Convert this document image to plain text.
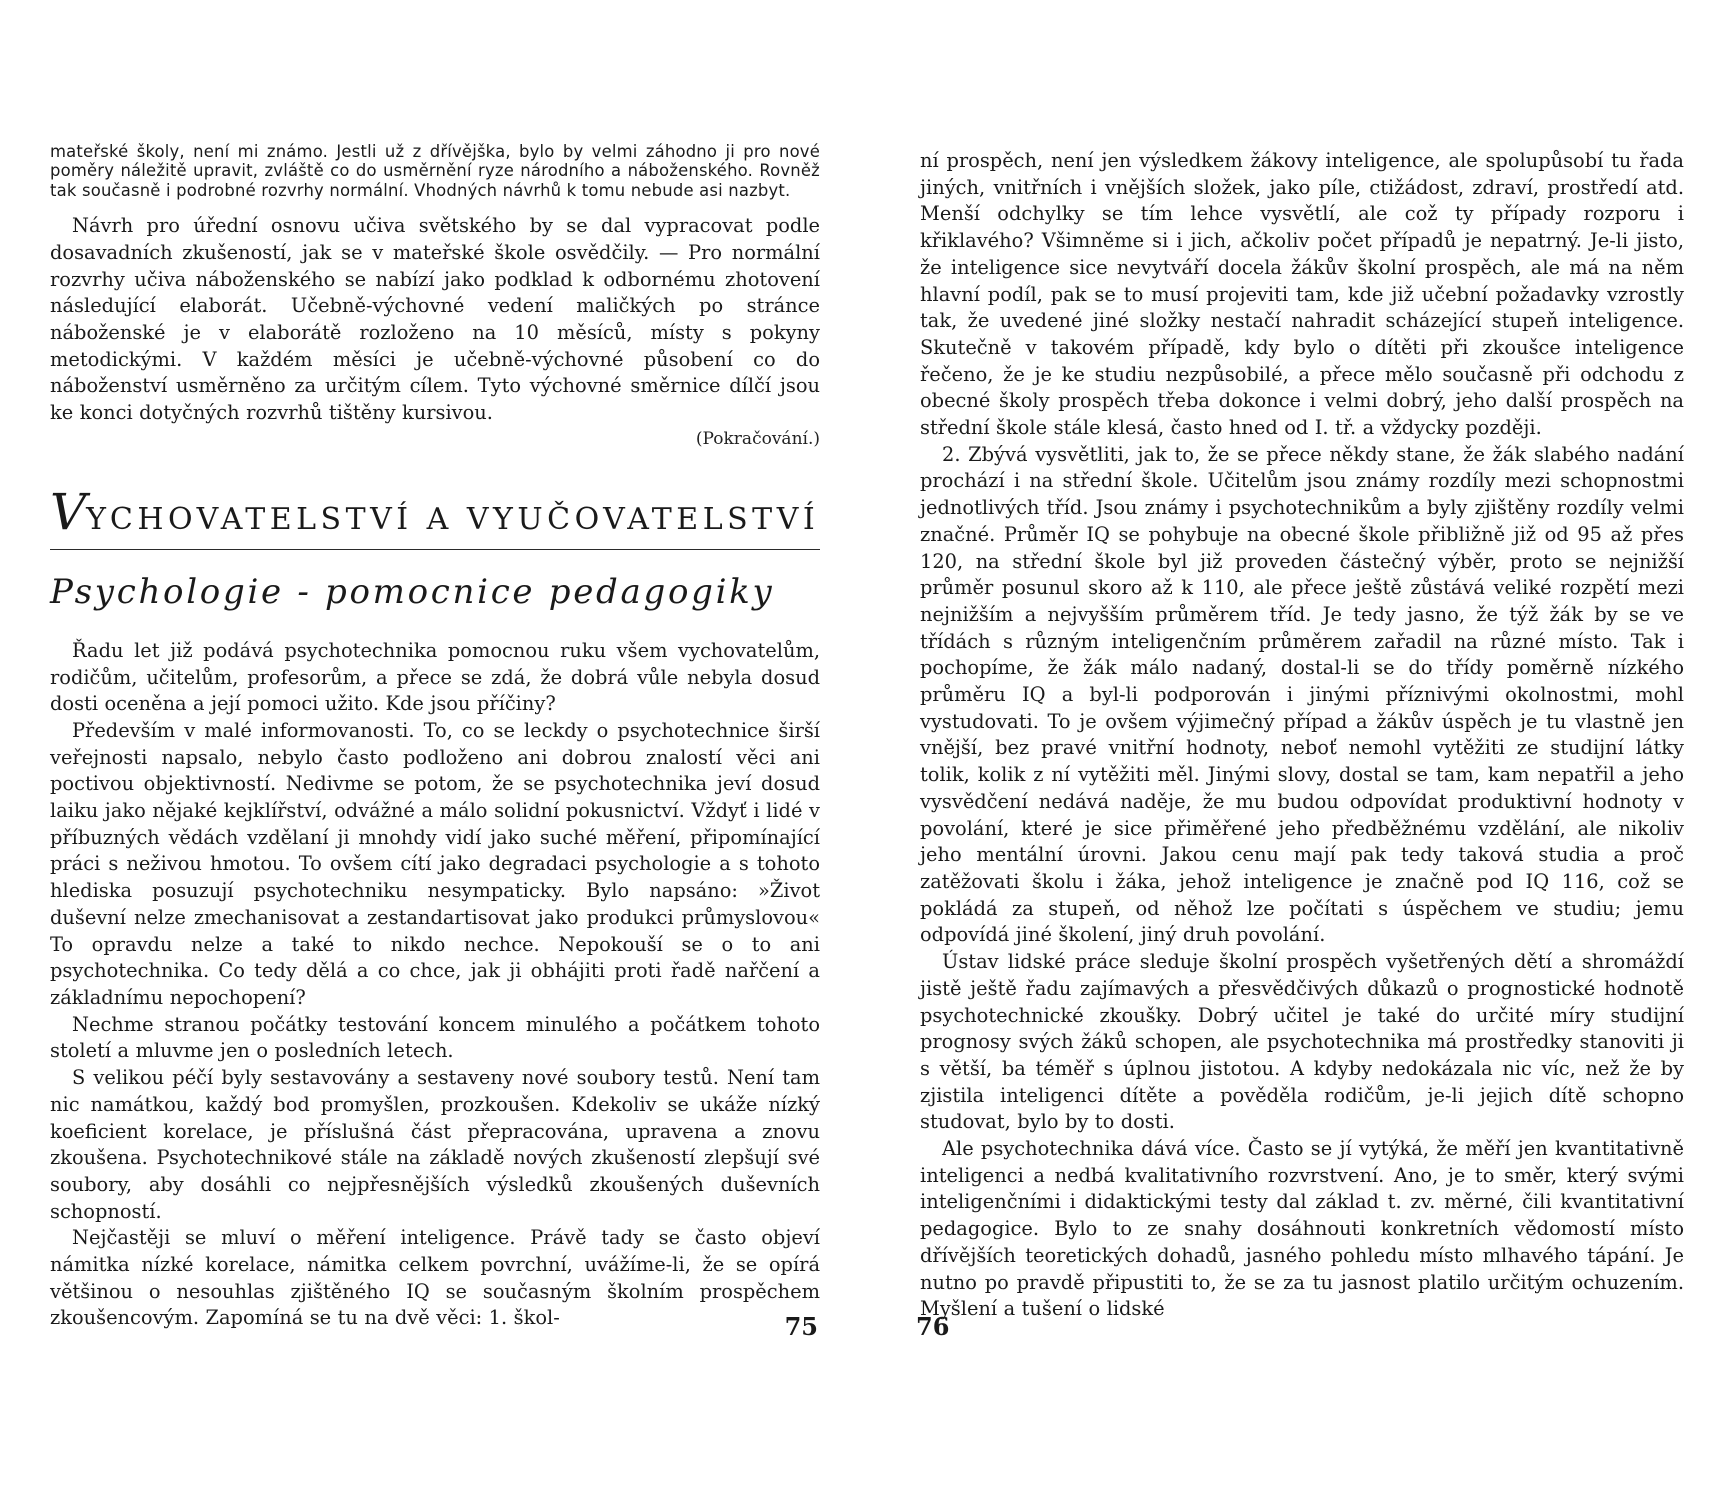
mateřské školy, není mi známo. Jestli už z dřívějška, bylo by velmi záhodno ji pro nové poměry náležitě upravit, zvláště co do usměrnění ryze národního a náboženského. Rovněž tak současně i podrobné rozvrhy normální. Vhodných návrhů k tomu nebude asi nazbyt.

Návrh pro úřední osnovu učiva světského by se dal vypracovat podle dosavadních zkušeností, jak se v mateřské škole osvědčily. — Pro normální rozvrhy učiva náboženského se nabízí jako podklad k odbornému zhotovení následující elaborát. Učebně-výchovné vedení maličkých po stránce náboženské je v elaborátě rozloženo na 10 měsíců, místy s pokyny metodickými. V každém měsíci je učebně-výchovné působení co do náboženství usměrněno za určitým cílem. Tyto výchovné směrnice dílčí jsou ke konci dotyčných rozvrhů tištěny kursivou.

(Pokračování.)
VYCHOVATELSTVÍ A VYUČOVATELSTVÍ
Psychologie - pomocnice pedagogiky

Řadu let již podává psychotechnika pomocnou ruku všem vychovatelům, rodičům, učitelům, profesorům, a přece se zdá, že dobrá vůle nebyla dosud dosti oceněna a její pomoci užito. Kde jsou příčiny?

Především v malé informovanosti. To, co se leckdy o psychotechnice širší veřejnosti napsalo, nebylo často podloženo ani dobrou znalostí věci ani poctivou objektivností. Nedivme se potom, že se psychotechnika jeví dosud laiku jako nějaké kejklířství, odvážné a málo solidní pokusnictví. Vždyť i lidé v příbuzných vědách vzdělaní ji mnohdy vidí jako suché měření, připomínající práci s neživou hmotou. To ovšem cítí jako degradaci psychologie a s tohoto hlediska posuzují psychotechniku nesympaticky. Bylo napsáno: »Život duševní nelze zmechanisovat a zestandartisovat jako produkci průmyslovou« To opravdu nelze a také to nikdo nechce. Nepokouší se o to ani psychotechnika. Co tedy dělá a co chce, jak ji obhájiti proti řadě nařčení a základnímu nepochopení?

Nechme stranou počátky testování koncem minulého a počátkem tohoto století a mluvme jen o posledních letech.

S velikou péčí byly sestavovány a sestaveny nové soubory testů. Není tam nic namátkou, každý bod promyšlen, prozkoušen. Kdekoliv se ukáže nízký koeficient korelace, je příslušná část přepracována, upravena a znovu zkoušena. Psychotechnikové stále na základě nových zkušeností zlepšují své soubory, aby dosáhli co nejpřesnějších výsledků zkoušených duševních schopností.

Nejčastěji se mluví o měření inteligence. Právě tady se často objeví námitka nízké korelace, námitka celkem povrchní, uvážíme-li, že se opírá většinou o nesouhlas zjištěného IQ se současným školním prospěchem zkoušencovým. Zapomíná se tu na dvě věci: 1. škol-	75

ní prospěch, není jen výsledkem žákovy inteligence, ale spolupůsobí tu řada jiných, vnitřních i vnějších složek, jako píle, ctižádost, zdraví, prostředí atd. Menší odchylky se tím lehce vysvětlí, ale což ty případy rozporu i křiklavého? Všimněme si i jich, ačkoliv počet případů je nepatrný. Je-li jisto, že inteligence sice nevytváří docela žákův školní prospěch, ale má na něm hlavní podíl, pak se to musí projeviti tam, kde již učební požadavky vzrostly tak, že uvedené jiné složky nestačí nahradit scházející stupeň inteligence. Skutečně v takovém případě, kdy bylo o dítěti při zkoušce inteligence řečeno, že je ke studiu nezpůsobilé, a přece mělo současně při odchodu z obecné školy prospěch třeba dokonce i velmi dobrý, jeho další prospěch na střední škole stále klesá, často hned od I. tř. a vždycky později.

2. Zbývá vysvětliti, jak to, že se přece někdy stane, že žák slabého nadání prochází i na střední škole. Učitelům jsou známy rozdíly mezi schopnostmi jednotlivých tříd. Jsou známy i psychotechnikům a byly zjištěny rozdíly velmi značné. Průměr IQ se pohybuje na obecné škole přibližně již od 95 až přes 120, na střední škole byl již proveden částečný výběr, proto se nejnižší průměr posunul skoro až k 110, ale přece ještě zůstává veliké rozpětí mezi nejnižším a nejvyšším průměrem tříd. Je tedy jasno, že týž žák by se ve třídách s různým inteligenčním průměrem zařadil na různé místo. Tak i pochopíme, že žák málo nadaný, dostal-li se do třídy poměrně nízkého průměru IQ a byl-li podporován i jinými příznivými okolnostmi, mohl vystudovati. To je ovšem výjimečný případ a žákův úspěch je tu vlastně jen vnější, bez pravé vnitřní hodnoty, neboť nemohl vytěžiti ze studijní látky tolik, kolik z ní vytěžiti měl. Jinými slovy, dostal se tam, kam nepatřil a jeho vysvědčení nedává naděje, že mu budou odpovídat produktivní hodnoty v povolání, které je sice přiměřené jeho předběžnému vzdělání, ale nikoliv jeho mentální úrovni. Jakou cenu mají pak tedy taková studia a proč zatěžovati školu i žáka, jehož inteligence je značně pod IQ 116, což se pokládá za stupeň, od něhož lze počítati s úspěchem ve studiu; jemu odpovídá jiné školení, jiný druh povolání.

Ústav lidské práce sleduje školní prospěch vyšetřených dětí a shromáždí jistě ještě řadu zajímavých a přesvědčivých důkazů o prognostické hodnotě psychotechnické zkoušky. Dobrý učitel je také do určité míry studijní prognosy svých žáků schopen, ale psychotechnika má prostředky stanoviti ji s větší, ba téměř s úplnou jistotou. A kdyby nedokázala nic víc, než že by zjistila inteligenci dítěte a pověděla rodičům, je-li jejich dítě schopno studovat, bylo by to dosti.

Ale psychotechnika dává více. Často se jí vytýká, že měří jen kvantitativně inteligenci a nedbá kvalitativního rozvrstvení. Ano, je to směr, který svými inteligenčními i didaktickými testy dal základ t. zv. měrné, čili kvantitativní pedagogice. Bylo to ze snahy dosáhnouti konkretních vědomostí místo dřívějších teoretických dohadů, jasného pohledu místo mlhavého tápání. Je nutno po pravdě připustiti to, že se za tu jasnost platilo určitým ochuzením. Myšlení a tušení o lidské

76
